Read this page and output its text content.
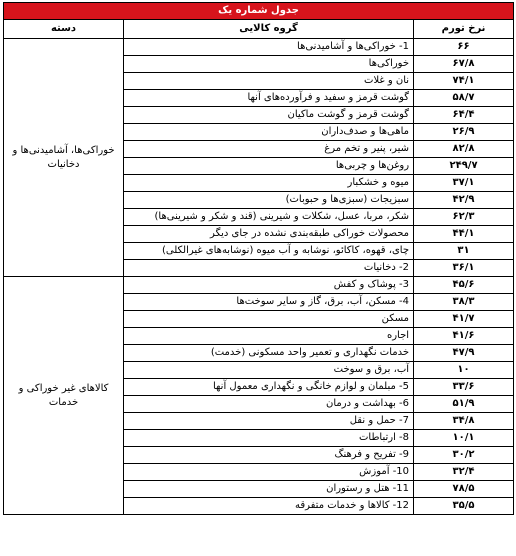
جدول شماره یک		
نرخ تورم	گروه کالایی	دسته
۶۶	1- خوراکی‌ها و آشامیدنی‌ها	خوراکی‌ها، آشامیدنی‌ها و دخانیات
۶۷/۸	خوراکی‌ها	
۷۴/۱	نان و غلات	
۵۸/۷	گوشت قرمز و سفید و فرآورده‌های آنها	
۶۴/۴	گوشت قرمز و گوشت ماکیان	
۲۶/۹	ماهی‌ها و صدف‌داران	
۸۲/۸	شیر، پنیر و تخم مرغ	
۲۴۹/۷	روغن‌ها و چربی‌ها	
۳۷/۱	میوه و خشکبار	
۴۲/۹	سبزیجات (سبزی‌ها و حبوبات)	
۶۲/۳	شکر، مربا، عسل، شکلات و شیرینی (قند و شکر و شیرینی‌ها)	
۴۴/۱	محصولات خوراکی طبقه‌بندی نشده در جای دیگر	
۳۱	چای، قهوه، کاکائو، نوشابه و آب میوه (نوشابه‌های غیرالکلی)	
۳۶/۱	2- دخانیات	
۴۵/۶	3- پوشاک و کفش	کالاهای غیر خوراکی و خدمات
۳۸/۳	4- مسکن، آب، برق، گاز و سایر سوخت‌ها	
۴۱/۷	مسکن	
۴۱/۶	اجاره	
۴۷/۹	خدمات نگهداری و تعمیر واحد مسکونی (خدمت)	
۱۰	آب، برق و سوخت	
۳۳/۶	5- مبلمان و لوازم خانگی و نگهداری معمول آنها	
۵۱/۹	6- بهداشت و درمان	
۳۴/۸	7- حمل و نقل	
۱۰/۱	8- ارتباطات	
۳۰/۲	9- تفریح و فرهنگ	
۳۲/۴	10- آموزش	
۷۸/۵	11- هتل و رستوران	
۳۵/۵	12- کالاها و خدمات متفرقه	
